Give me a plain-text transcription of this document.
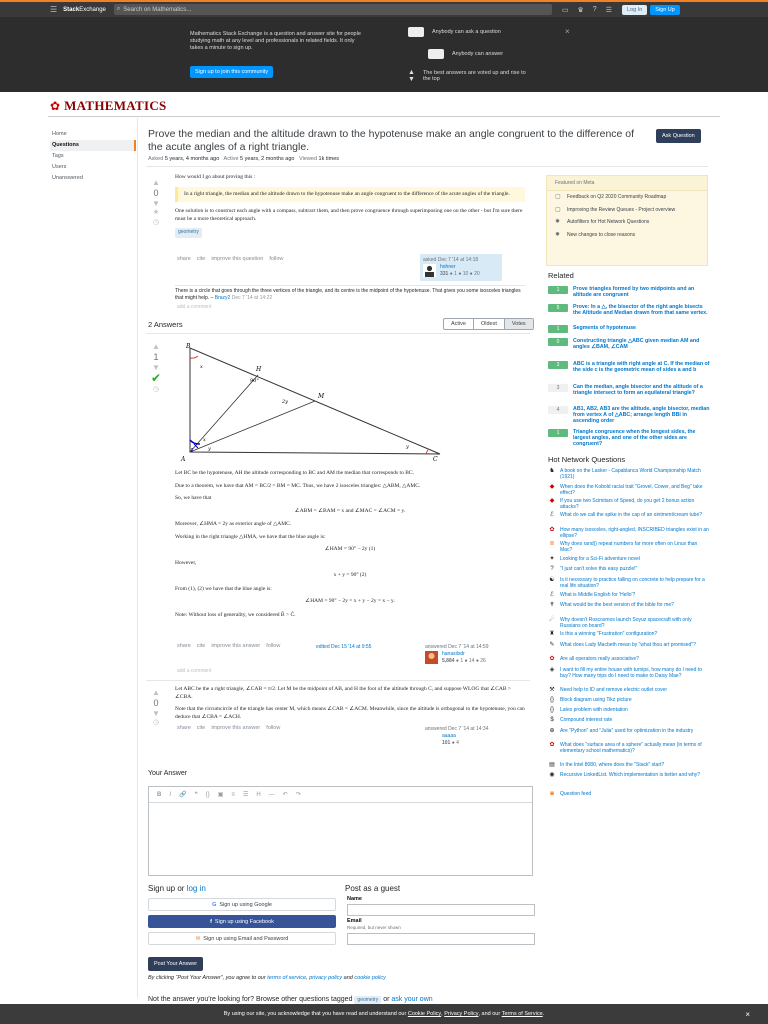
☰ StackExchange ⌕ Search on Mathematics...	▭ ♛ ? ☰	Log In	Sign Up
Mathematics Stack Exchange is a question and answer site for people studying math at any level and professionals in related fields. It only takes a minute to sign up.
Sign up to join this community
Anybody can ask a question
Anybody can answer
▲
▼
The best answers are voted up and rise to the top
×
✿ MATHEMATICS
Home
Questions
Tags
Users
Unanswered
Prove the median and the altitude drawn to the hypotenuse make an angle congruent to the difference of the acute angles of a right triangle.
Ask Question
Asked 5 years, 4 months ago Active 5 years, 2 months ago Viewed 1k times
▲
0
▼
★
◷

How would I go about proving this :

In a right triangle, the median and the altitude drawn to the hypotenuse make an angle congruent to the difference of the acute angles of the triangle.

One solution is to construct each angle with a compass, subtract them, and then prove congruence through superimposing one on the other - but I'm sure there must be a more theoretical approach.

geometry
share cite improve this question follow	asked Dec 7 '14 at 14:18
hohner
331 ● 1 ● 10 ● 20
There is a circle that goes through the three vertices of the triangle, and its centre is the midpoint of the hypotenuse. That gives you some isosceles triangles that might help. – Brazy2 Dec 7 '14 at 14:22
add a comment
2 Answers	Active	Oldest	Votes
▲
1
▼
✔
◷
B
H
M
A	C
x
y
x
2y
90°
y

Let BC be the hypotenuse, AH the altitude corresponding to BC and AM the median that corresponds to BC.

Due to a theorem, we have that AM = BC/2 = BM = MC. Thus, we have 2 isosceles triangles: △ABM, △AMC.

So, we have that

∠ABM = ∠BAM = x and ∠MAC = ∠ACM = y.

Moreover, ∠HMA = 2y as exterior angle of △AMC.

Working in the right triangle △HMA, we have that the blue angle is:

∠HAM = 90° − 2y (1)

However,

x + y = 90° (2)

From (1), (2) we have that the blue angle is:

∠HAM = 90° − 2y = x + y − 2y = x − y.

Note: Without loss of generality, we considered B̂ > Ĉ.

share cite improve this answer follow	edited Dec 15 '14 at 9:55	answered Dec 7 '14 at 14:59
hanasilsdr
5,884 ● 1 ● 14 ● 26
add a comment
▲
0
▼
◷

Let ABC be the a right triangle, ∠CAB = π/2. Let M be the midpoint of AB, and H the foot of the altitude through C, and suppose WLOG that ∠CAB > ∠CBA.

Note that the circumcircle of the triangle has center M, which means ∠CAB = ∠ACM. Meanwhile, since the altitude is orthogonal to the hypotenuse, you can deduce that ∠CBA = ∠ACH.

share cite improve this answer follow	answered Dec 7 '14 at 14:34
aaaaa
101 ● 4
Your Answer
B I 🔗 ❝ {} ▣ ≡ ☰ H — ↶ ↷
Sign up or log in
G Sign up using Google
f Sign up using Facebook
✉ Sign up using Email and Password
Post as a guest
Name
Email
Required, but never shown
Post Your Answer
By clicking “Post Your Answer”, you agree to our terms of service, privacy policy and cookie policy
Not the answer you're looking for? Browse other questions tagged geometry or ask your own
Featured on Meta
▢ Feedback on Q2 2020 Community Roadmap
▢ Improving the Review Queues - Project overview
✸	Autofilters for Hot Network Questions
✸	New changes to close reasons
Related
1	Prove triangles formed by two midpoints and an altitude are congruent
5	Prove: In a △, the bisector of the right angle bisects the Altitude and Median drawn from that same vertex.
1	Segments of hypotenuse
0	Constructing triangle △ABC given median AM and angles ∠BAM, ∠CAM
3	ABC is a triangle with right angle at C. If the median of the side c is the geometric mean of sides a and b
3	Can the median, angle bisector and the altitude of a triangle intersect to form an equilateral triangle?
4	AB1, AB2, AB3 are the altitude, angle bisector, median from vertex A of △ABC; arrange length BBi in ascending order
1	Triangle congruence when the longest sides, the largest angles, and one of the other sides are congruent?
Hot Network Questions
♞ A book on the Lasker - Capablanca World Championship Match (1921)
◆	When does the Kobold racial trait "Grovel, Cower, and Beg" take effect?
◆	If you use two Scimitars of Speed, do you get 2 bonus action attacks?
ℰ	What do we call the spike in the cap of an ointment/cream tube?
✿ How many isosceles, right-angled, INSCRIBED triangles exist in an ellipse?
≣ Why does rand() repeat numbers far more often on Linux than Mac?
✦ Looking for a Sci-Fi adventure novel
?	"I just can't solve this easy puzzle!"
☯ Is it necessary to practice falling on concrete to help prepare for a real life situation?
ℰ	What is Middle English for 'Hello'?
✝ What would be the best version of the bible for me?
☄ Why doesn't Roscosmos launch Soyuz spacecraft with only Russians on board?
♜ Is this a winning "Frustration" configuration?
✎ What does Lady Macbeth mean by "what thou art promised"?
✿ Are all operators really associative?
◈	I want to fill my entire house with turnips, how many do I need to buy? How many trips do I need to make to Daisy Mae?
⚒ Need help to ID and remove electric outlet cover
{}	Block diagram using Tikz picture
{}	Latex problem with indentation
$	Compound interest rate
⊕ Are "Python" and "Julia" used for optimization in the industry
✿ What does "surface area of a sphere" actually mean (in terms of elementary school mathematics)?
▤ In the Intel 8080, where does the "Stack" start?
◉ Recursive LinkedList. Which implementation is better and why?
◙	Question feed
By using our site, you acknowledge that you have read and understand our
Cookie Policy , Privacy Policy , and our
Terms of Service .	×
